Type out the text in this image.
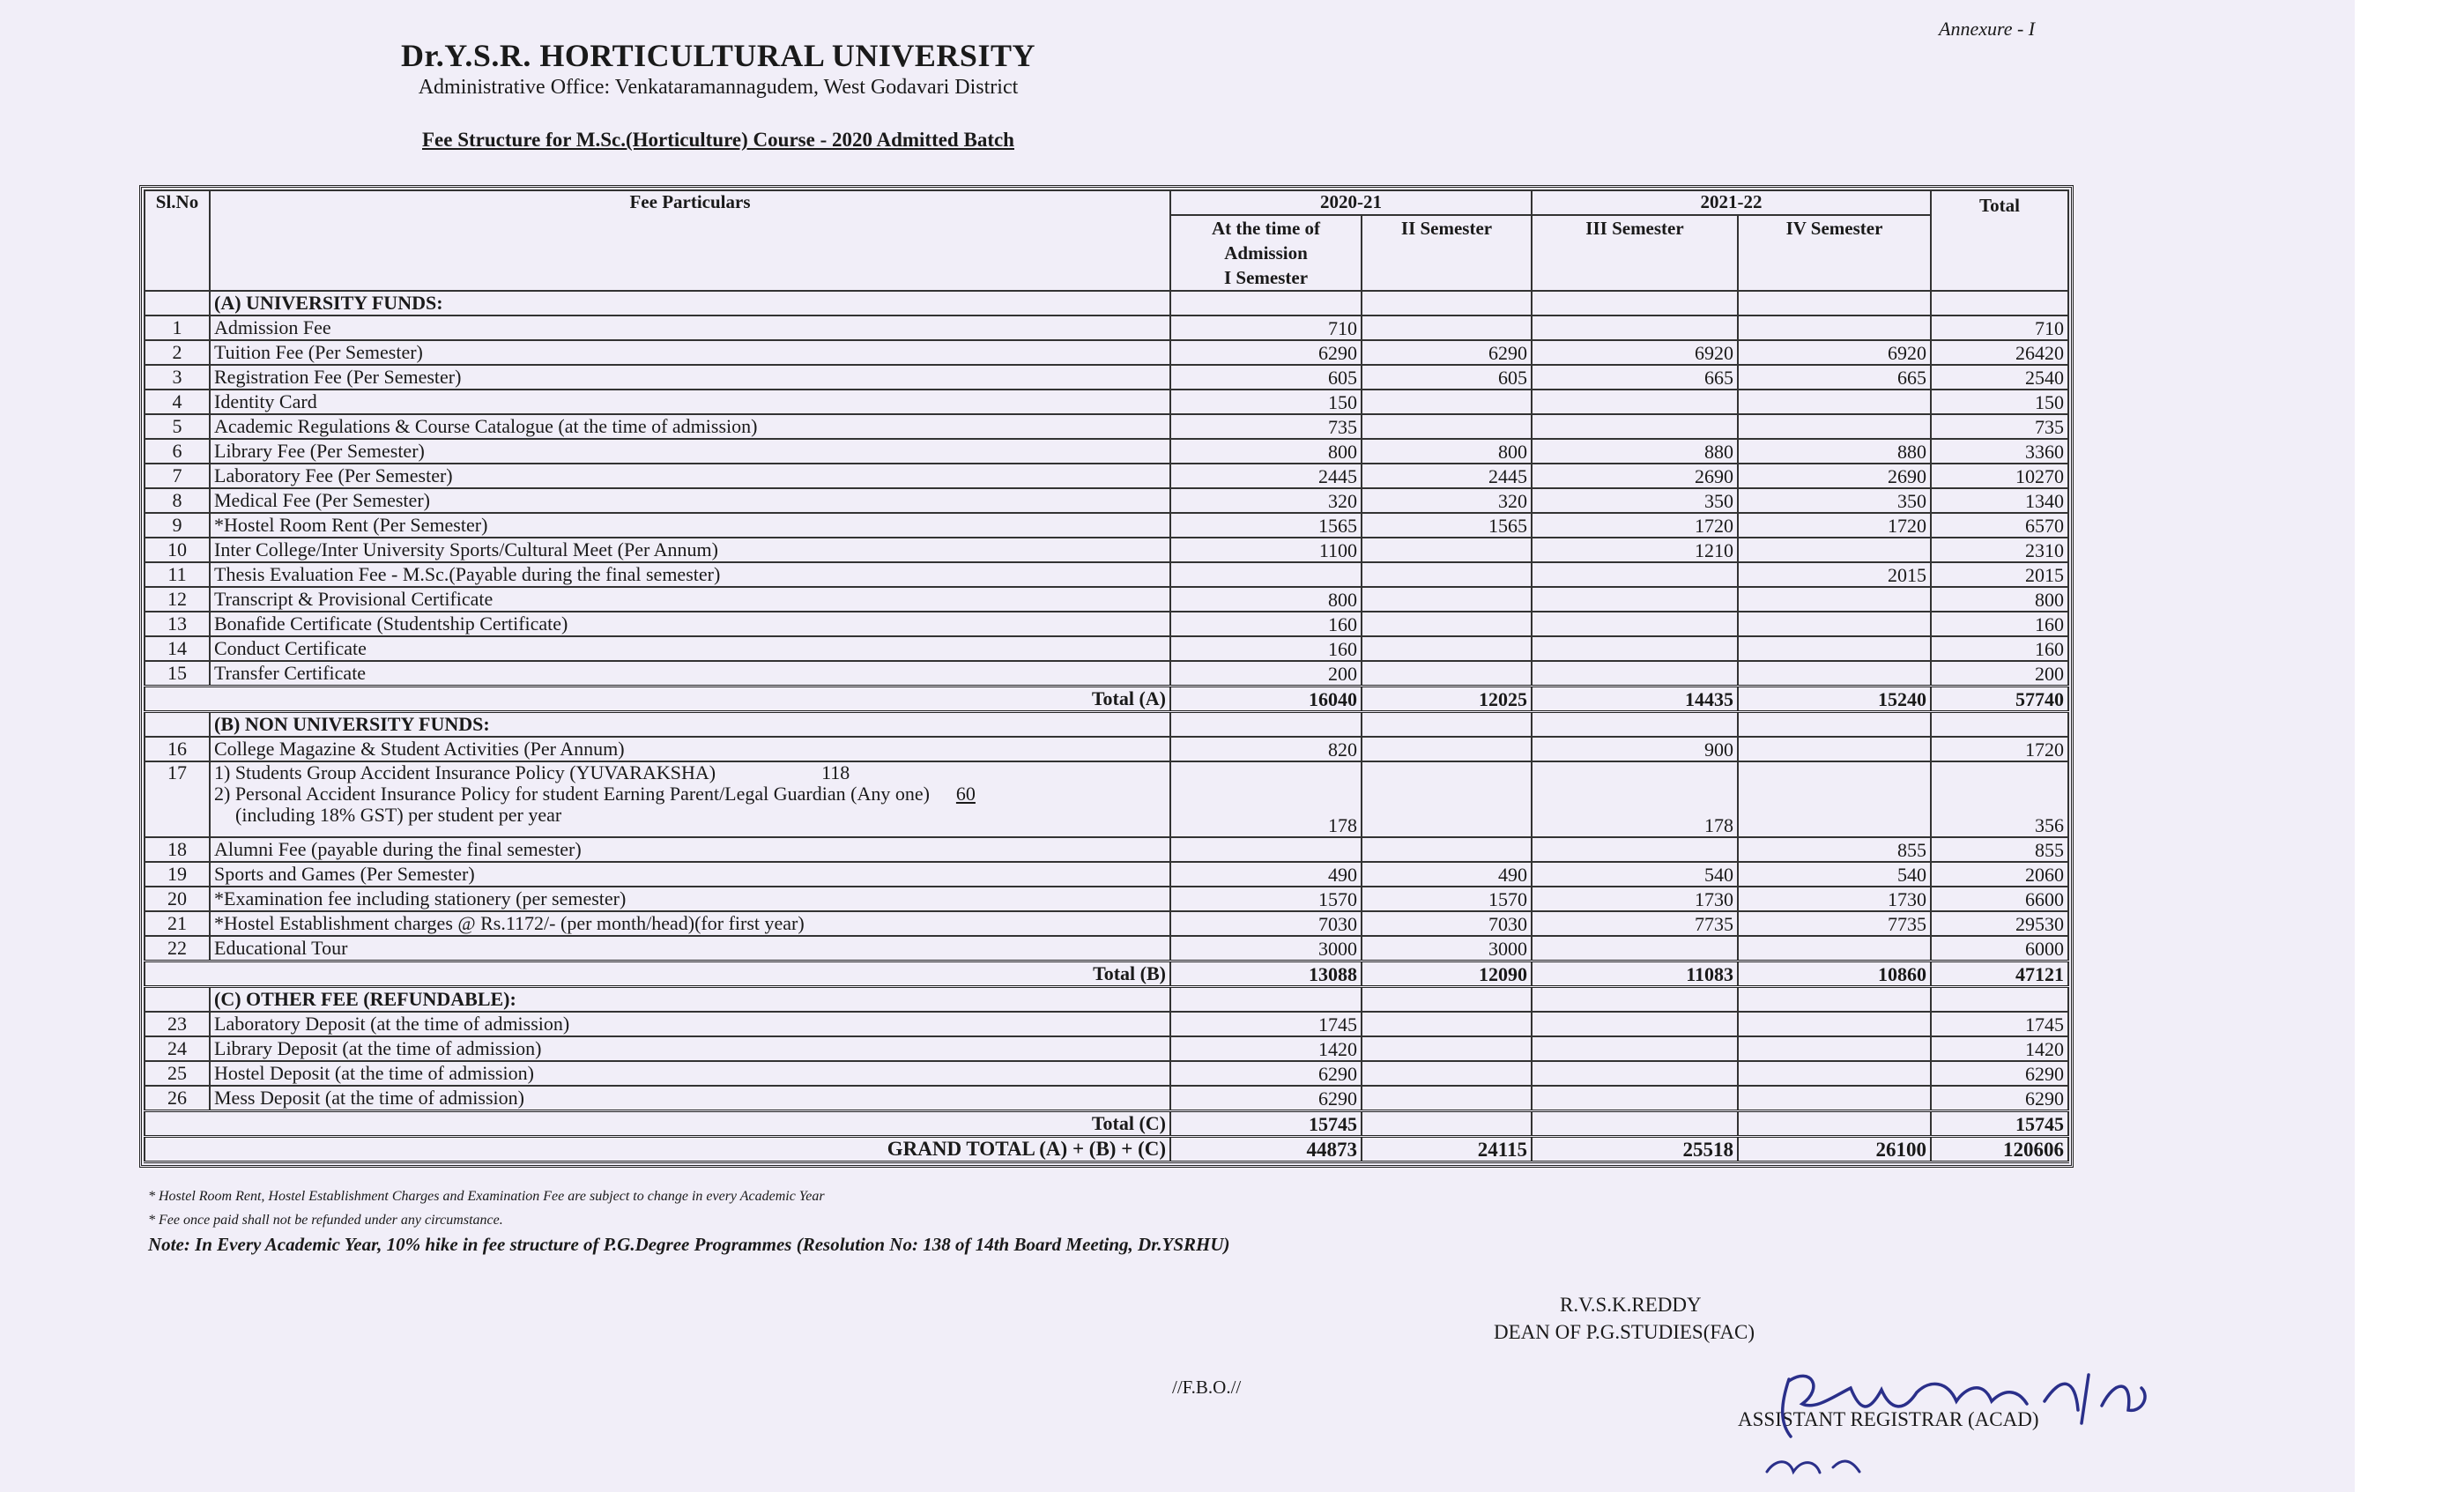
Annexure - I
Dr.Y.S.R. HORTICULTURAL UNIVERSITY
Administrative Office: Venkataramannagudem, West Godavari District
Fee Structure for M.Sc.(Horticulture) Course - 2020 Admitted Batch
Sl.No	Fee Particulars	2020-21		2021-22		Total
		At the time of
Admission
I Semester	II Semester	III Semester	IV Semester	
	(A) UNIVERSITY FUNDS:					
1	Admission Fee	710				710
2	Tuition Fee (Per Semester)	6290	6290	6920	6920	26420
3	Registration Fee (Per Semester)	605	605	665	665	2540
4	Identity Card	150				150
5	Academic Regulations & Course Catalogue (at the time of admission)	735				735
6	Library Fee (Per Semester)	800	800	880	880	3360
7	Laboratory Fee (Per Semester)	2445	2445	2690	2690	10270
8	Medical Fee (Per Semester)	320	320	350	350	1340
9	*Hostel Room Rent (Per Semester)	1565	1565	1720	1720	6570
10	Inter College/Inter University Sports/Cultural Meet (Per Annum)	1100		1210		2310
11	Thesis Evaluation Fee - M.Sc.(Payable during the final semester)				2015	2015
12	Transcript & Provisional Certificate	800				800
13	Bonafide Certificate (Studentship Certificate)	160				160
14	Conduct Certificate	160				160
15	Transfer Certificate	200				200
Total (A)		16040	12025	14435	15240	57740
	(B) NON UNIVERSITY FUNDS:					
16	College Magazine & Student Activities (Per Annum)	820		900		1720
17	1) Students Group Accident Insurance Policy (YUVARAKSHA) 118
2) Personal Accident Insurance Policy for student Earning Parent/Legal Guardian (Any one) 60
(including 18% GST) per student per year	178		178		356
18	Alumni Fee (payable during the final semester)				855	855
19	Sports and Games (Per Semester)	490	490	540	540	2060
20	*Examination fee including stationery (per semester)	1570	1570	1730	1730	6600
21	*Hostel Establishment charges @ Rs.1172/- (per month/head)(for first year)	7030	7030	7735	7735	29530
22	Educational Tour	3000	3000			6000
Total (B)		13088	12090	11083	10860	47121
	(C) OTHER FEE (REFUNDABLE):					
23	Laboratory Deposit (at the time of admission)	1745				1745
24	Library Deposit (at the time of admission)	1420				1420
25	Hostel Deposit (at the time of admission)	6290				6290
26	Mess Deposit (at the time of admission)	6290				6290
Total (C)		15745				15745
GRAND TOTAL (A) + (B) + (C)		44873	24115	25518	26100	120606
* Hostel Room Rent, Hostel Establishment Charges and Examination Fee are subject to change in every Academic Year
* Fee once paid shall not be refunded under any circumstance.
Note: In Every Academic Year, 10% hike in fee structure of P.G.Degree Programmes (Resolution No: 138 of 14th Board Meeting, Dr.YSRHU)
R.V.S.K.REDDY
DEAN OF P.G.STUDIES(FAC)
//F.B.O.//
ASSISTANT REGISTRAR (ACAD)
